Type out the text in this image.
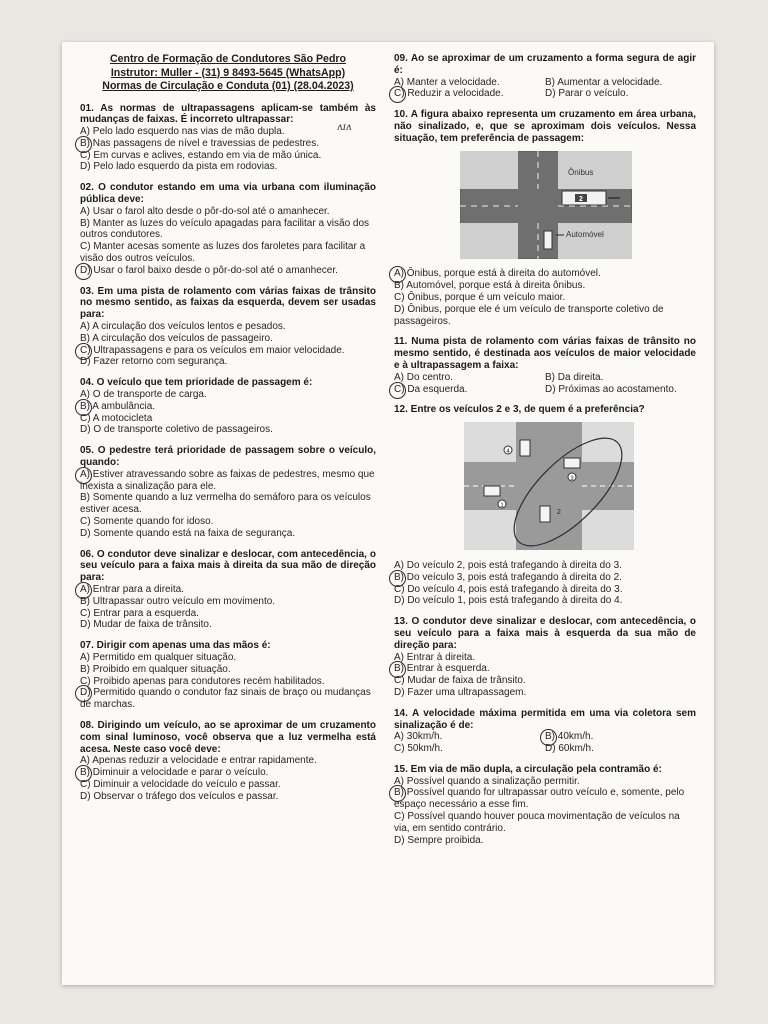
Centro de Formação de Condutores São Pedro
Instrutor: Muller - (31) 9 8493-5645 (WhatsApp)
Normas de Circulação e Conduta (01) (28.04.2023)
01. As normas de ultrapassagens aplicam-se também às mudanças de faixas. É incorreto ultrapassar:
A) Pelo lado esquerdo nas vias de mão dupla.
B) Nas passagens de nível e travessias de pedestres.
C) Em curvas e aclives, estando em via de mão única.
D) Pelo lado esquerdo da pista em rodovias.
02. O condutor estando em uma via urbana com iluminação pública deve:
A) Usar o farol alto desde o pôr-do-sol até o amanhecer.
B) Manter as luzes do veículo apagadas para facilitar a visão dos outros condutores.
C) Manter acesas somente as luzes dos faroletes para facilitar a visão dos outros veículos.
D) Usar o farol baixo desde o pôr-do-sol até o amanhecer.
03. Em uma pista de rolamento com várias faixas de trânsito no mesmo sentido, as faixas da esquerda, devem ser usadas para:
A) A circulação dos veículos lentos e pesados.
B) A circulação dos veículos de passageiro.
C) Ultrapassagens e para os veículos em maior velocidade.
D) Fazer retorno com segurança.
04. O veículo que tem prioridade de passagem é:
A) O de transporte de carga.
B) A ambulância.
C) A motocicleta
D) O de transporte coletivo de passageiros.
05. O pedestre terá prioridade de passagem sobre o veículo, quando:
A) Estiver atravessando sobre as faixas de pedestres, mesmo que inexista a sinalização para ele.
B) Somente quando a luz vermelha do semáforo para os veículos estiver acesa.
C) Somente quando for idoso.
D) Somente quando está na faixa de segurança.
06. O condutor deve sinalizar e deslocar, com antecedência, o seu veículo para a faixa mais à direita da sua mão de direção para:
A) Entrar para a direita.
B) Ultrapassar outro veículo em movimento.
C) Entrar para a esquerda.
D) Mudar de faixa de trânsito.
07. Dirigir com apenas uma das mãos é:
A) Permitido em qualquer situação.
B) Proibido em qualquer situação.
C) Proibido apenas para condutores recém habilitados.
D) Permitido quando o condutor faz sinais de braço ou mudanças de marchas.
08. Dirigindo um veículo, ao se aproximar de um cruzamento com sinal luminoso, você observa que a luz vermelha está acesa. Neste caso você deve:
A) Apenas reduzir a velocidade e entrar rapidamente.
B) Diminuir a velocidade e parar o veículo.
C) Diminuir a velocidade do veículo e passar.
D) Observar o tráfego dos veículos e passar.
ʌɪʌ
09. Ao se aproximar de um cruzamento a forma segura de agir é:
A) Manter a velocidade.	B) Aumentar a velocidade.
C) Reduzir a velocidade.	D) Parar o veículo.
10. A figura abaixo representa um cruzamento em área urbana, não sinalizado, e, que se aproximam dois veículos. Nessa situação, tem preferência de passagem:
2
Ônibus
Automóvel
A) Ônibus, porque está à direita do automóvel.
B) Automóvel, porque está à direita ônibus.
C) Ônibus, porque é um veículo maior.
D) Ônibus, porque ele é um veículo de transporte coletivo de passageiros.
11. Numa pista de rolamento com várias faixas de trânsito no mesmo sentido, é destinada aos veículos de maior velocidade e à ultrapassagem a faixa:
A) Do centro.	B) Da direita.
C) Da esquerda.	D) Próximas ao acostamento.
12. Entre os veículos 2 e 3, de quem é a preferência?
4
3
1
2
A) Do veículo 2, pois está trafegando à direita do 3.
B) Do veículo 3, pois está trafegando à direita do 2.
C) Do veículo 4, pois está trafegando à direita do 3.
D) Do veículo 1, pois está trafegando à direita do 4.
13. O condutor deve sinalizar e deslocar, com antecedência, o seu veículo para a faixa mais à esquerda da sua mão de direção para:
A) Entrar à direita.
B) Entrar à esquerda.
C) Mudar de faixa de trânsito.
D) Fazer uma ultrapassagem.
14. A velocidade máxima permitida em uma via coletora sem sinalização é de:
A) 30km/h.	B) 40km/h.
C) 50km/h.	D) 60km/h.
15. Em via de mão dupla, a circulação pela contramão é:
A) Possível quando a sinalização permitir.
B) Possível quando for ultrapassar outro veículo e, somente, pelo espaço necessário a esse fim.
C) Possível quando houver pouca movimentação de veículos na via, em sentido contrário.
D) Sempre proibida.
